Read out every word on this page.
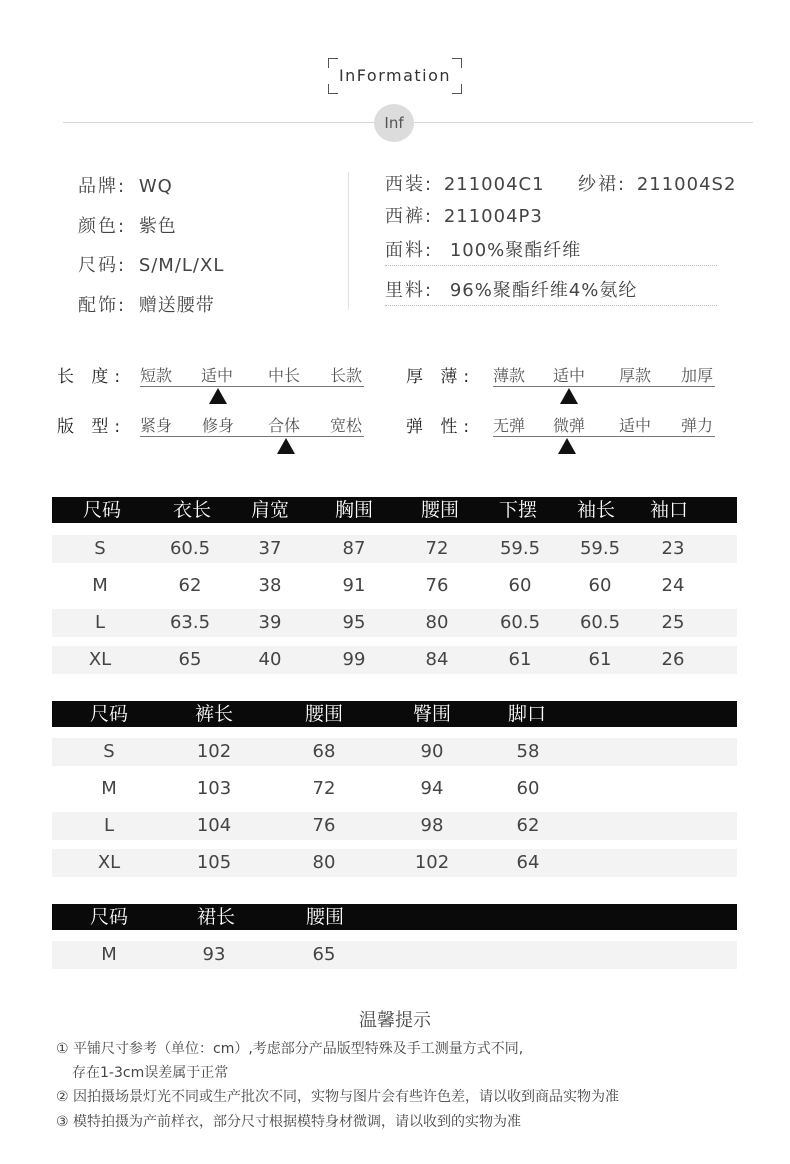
InFormation
Inf
品牌: WQ
颜色: 紫色
尺码: S/M/L/XL
配饰: 赠送腰带
西装: 211004C1 纱裙: 211004S2
西裤: 211004P3
面料: 100%聚酯纤维
里料: 96%聚酯纤维4%氨纶
长 度: 短款 适中 中长 长款	厚 薄: 薄款 适中 厚款 加厚
版 型: 紧身 修身 合体 宽松	弹 性: 无弹 微弹 适中 弹力
尺码	衣长 肩宽 胸围	腰围 下摆 袖长 袖口
S	60.5	37	87	72	59.5	59.5	23
M	62	38	91	76	60	60	24
L	63.5	39	95	80	60.5	60.5	25
XL	65	40	99	84	61	61	26
尺码	裤长	腰围	臀围	脚口
S	102	68	90	58
M	103	72	94	60
L	104	76	98	62
XL	105	80	102	64
尺码	裙长	腰围
M	93	65
温馨提示
① 平铺尺寸参考（单位：cm）,考虑部分产品版型特殊及手工测量方式不同,
存在1-3cm误差属于正常
② 因拍摄场景灯光不同或生产批次不同，实物与图片会有些许色差，请以收到商品实物为准
③ 模特拍摄为产前样衣，部分尺寸根据模特身材微调，请以收到的实物为准
